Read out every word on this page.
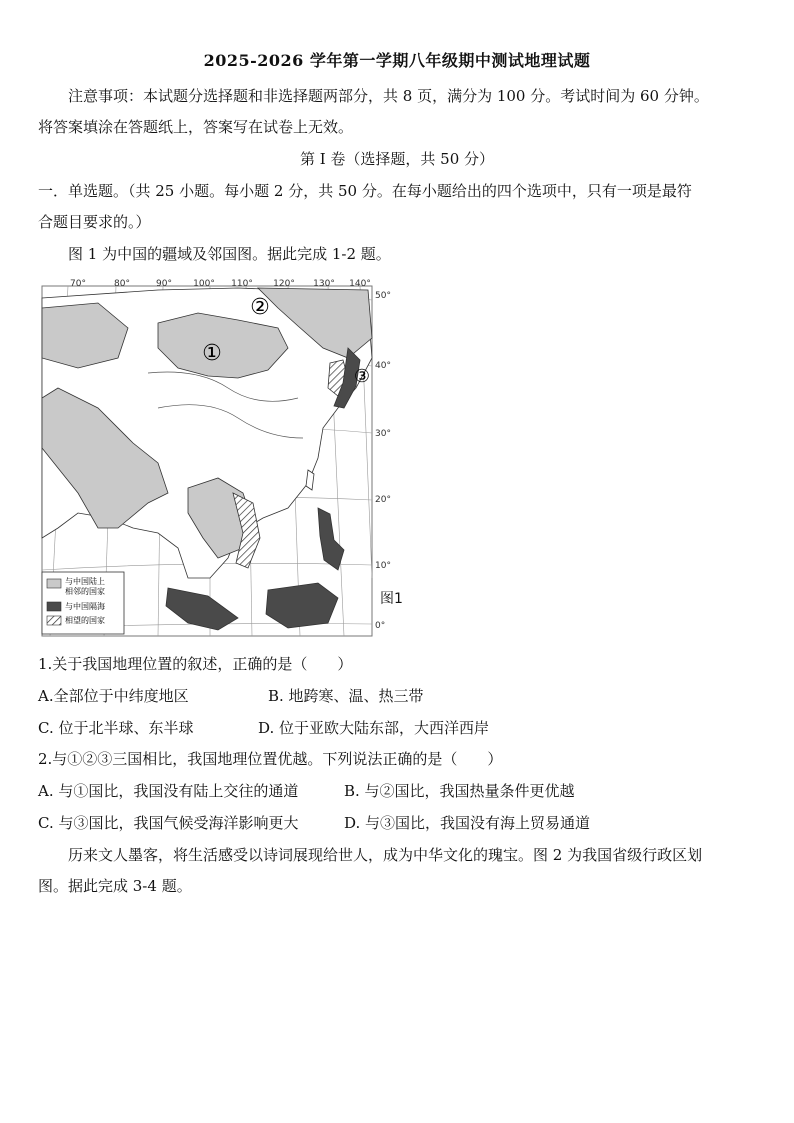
2025-2026 学年第一学期八年级期中测试地理试题
注意事项：本试题分选择题和非选择题两部分，共 8 页，满分为 100 分。考试时间为 60 分钟。
将答案填涂在答题纸上，答案写在试卷上无效。
第 I 卷（选择题，共 50 分）
一．单选题。（共 25 小题。每小题 2 分，共 50 分。在每小题给出的四个选项中，只有一项是最符
合题目要求的。）
图 1 为中国的疆域及邻国图。据此完成 1-2 题。
①
②
③
70°	80°	90° 100° 110° 120° 130° 140°
50°
40°
30°
20°
10°
0°
与中国陆上
相邻的国家
与中国隔海
相望的国家
图1
1.关于我国地理位置的叙述，正确的是（　　）
A.全部位于中纬度地区	B. 地跨寒、温、热三带
C. 位于北半球、东半球	D. 位于亚欧大陆东部，大西洋西岸
2.与①②③三国相比，我国地理位置优越。下列说法正确的是（　　）
A. 与①国比，我国没有陆上交往的通道	B. 与②国比，我国热量条件更优越
C. 与③国比，我国气候受海洋影响更大	D. 与③国比，我国没有海上贸易通道
历来文人墨客，将生活感受以诗词展现给世人，成为中华文化的瑰宝。图 2 为我国省级行政区划
图。据此完成 3-4 题。
